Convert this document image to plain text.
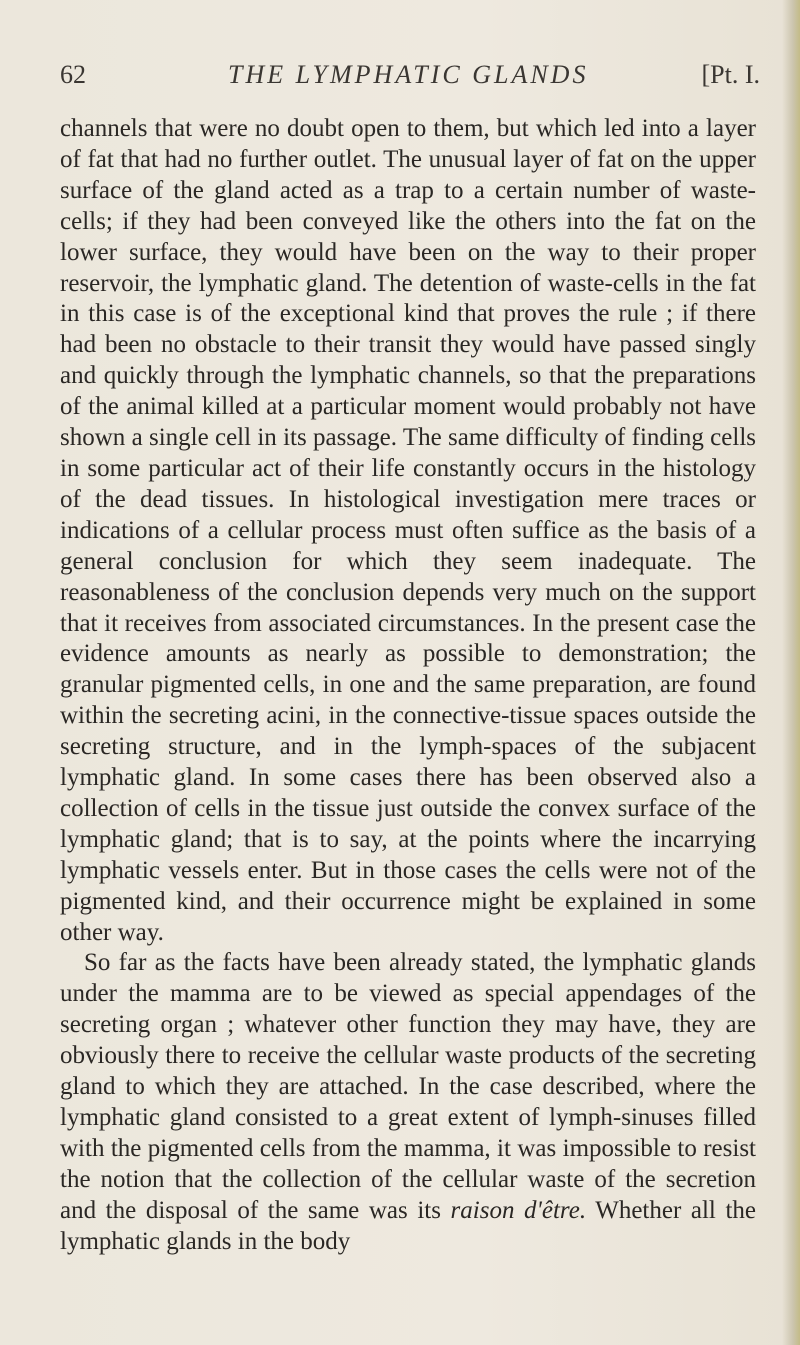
62	THE LYMPHATIC GLANDS	[Pt. I.

channels that were no doubt open to them, but which led into a layer of fat that had no further outlet. The unusual layer of fat on the upper surface of the gland acted as a trap to a certain number of waste-cells; if they had been conveyed like the others into the fat on the lower surface, they would have been on the way to their proper reservoir, the lymphatic gland. The detention of waste-cells in the fat in this case is of the exceptional kind that proves the rule ; if there had been no obstacle to their transit they would have passed singly and quickly through the lymphatic channels, so that the preparations of the animal killed at a particular moment would probably not have shown a single cell in its passage. The same difficulty of finding cells in some particular act of their life constantly occurs in the histology of the dead tissues. In histological investigation mere traces or indications of a cellular process must often suffice as the basis of a general conclusion for which they seem inadequate. The reasonableness of the conclusion depends very much on the support that it receives from associated circumstances. In the present case the evidence amounts as nearly as possible to demonstration; the granular pigmented cells, in one and the same preparation, are found within the secreting acini, in the connective-tissue spaces outside the secreting structure, and in the lymph-spaces of the subjacent lymphatic gland. In some cases there has been observed also a collection of cells in the tissue just outside the convex surface of the lymphatic gland; that is to say, at the points where the incarrying lymphatic vessels enter. But in those cases the cells were not of the pigmented kind, and their occurrence might be explained in some other way.

So far as the facts have been already stated, the lymphatic glands under the mamma are to be viewed as special appendages of the secreting organ ; whatever other function they may have, they are obviously there to receive the cellular waste products of the secreting gland to which they are attached. In the case described, where the lymphatic gland consisted to a great extent of lymph-sinuses filled with the pigmented cells from the mamma, it was impossible to resist the notion that the collection of the cellular waste of the secretion and the disposal of the same was its raison d'être. Whether all the lymphatic glands in the body
